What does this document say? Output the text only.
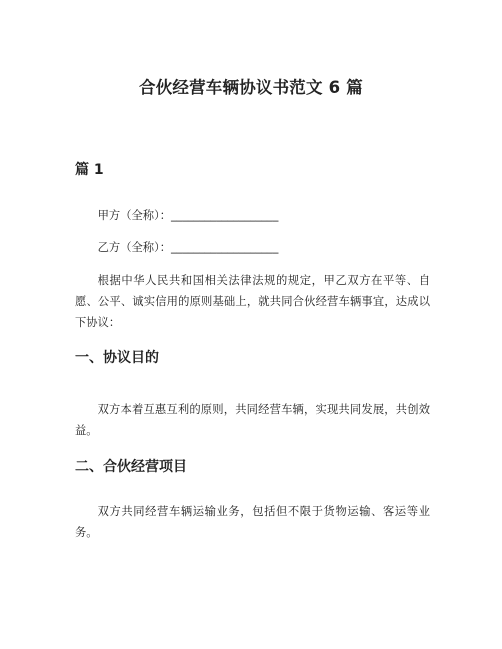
合伙经营车辆协议书范文 6 篇
篇 1
甲方（全称）：___________________
乙方（全称）：___________________
根据中华人民共和国相关法律法规的规定，甲乙双方在平等、自愿、公平、诚实信用的原则基础上，就共同合伙经营车辆事宜，达成以下协议：
一、协议目的
双方本着互惠互利的原则，共同经营车辆，实现共同发展，共创效益。
二、合伙经营项目
双方共同经营车辆运输业务，包括但不限于货物运输、客运等业务。
